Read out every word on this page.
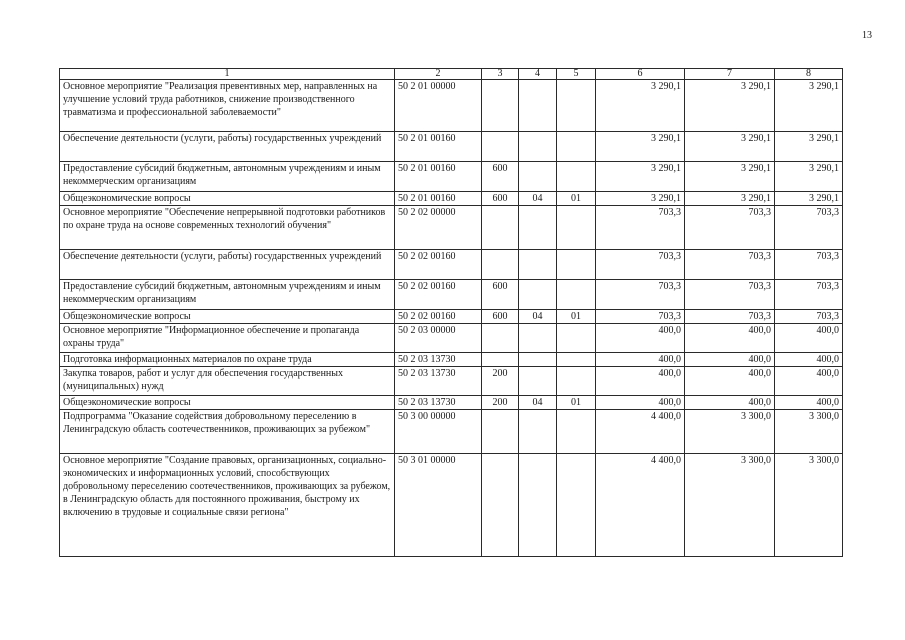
13
1	2	3	4	5	6	7	8
Основное мероприятие "Реализация превентивных мер, направленных на улучшение условий труда работников, снижение производственного травматизма и профессиональной заболеваемости"	50 2 01 00000				3 290,1	3 290,1	3 290,1
Обеспечение деятельности (услуги, работы) государственных учреждений	50 2 01 00160				3 290,1	3 290,1	3 290,1
Предоставление субсидий бюджетным, автономным учреждениям и иным некоммерческим организациям	50 2 01 00160	600			3 290,1	3 290,1	3 290,1
Общеэкономические вопросы	50 2 01 00160	600	04	01	3 290,1	3 290,1	3 290,1
Основное мероприятие "Обеспечение непрерывной подготовки работников по охране труда на основе современных технологий обучения"	50 2 02 00000				703,3	703,3	703,3
Обеспечение деятельности (услуги, работы) государственных учреждений	50 2 02 00160				703,3	703,3	703,3
Предоставление субсидий бюджетным, автономным учреждениям и иным некоммерческим организациям	50 2 02 00160	600			703,3	703,3	703,3
Общеэкономические вопросы	50 2 02 00160	600	04	01	703,3	703,3	703,3
Основное мероприятие "Информационное обеспечение и пропаганда охраны труда"	50 2 03 00000				400,0	400,0	400,0
Подготовка информационных материалов по охране труда	50 2 03 13730				400,0	400,0	400,0
Закупка товаров, работ и услуг для обеспечения государственных (муниципальных) нужд	50 2 03 13730	200			400,0	400,0	400,0
Общеэкономические вопросы	50 2 03 13730	200	04	01	400,0	400,0	400,0
Подпрограмма "Оказание содействия добровольному переселению в Ленинградскую область соотечественников, проживающих за рубежом"	50 3 00 00000				4 400,0	3 300,0	3 300,0
Основное мероприятие "Создание правовых, организационных, социально-экономических и информационных условий, способствующих добровольному переселению соотечественников, проживающих за рубежом, в Ленинградскую область для постоянного проживания, быстрому их включению в трудовые и социальные связи региона"	50 3 01 00000				4 400,0	3 300,0	3 300,0
